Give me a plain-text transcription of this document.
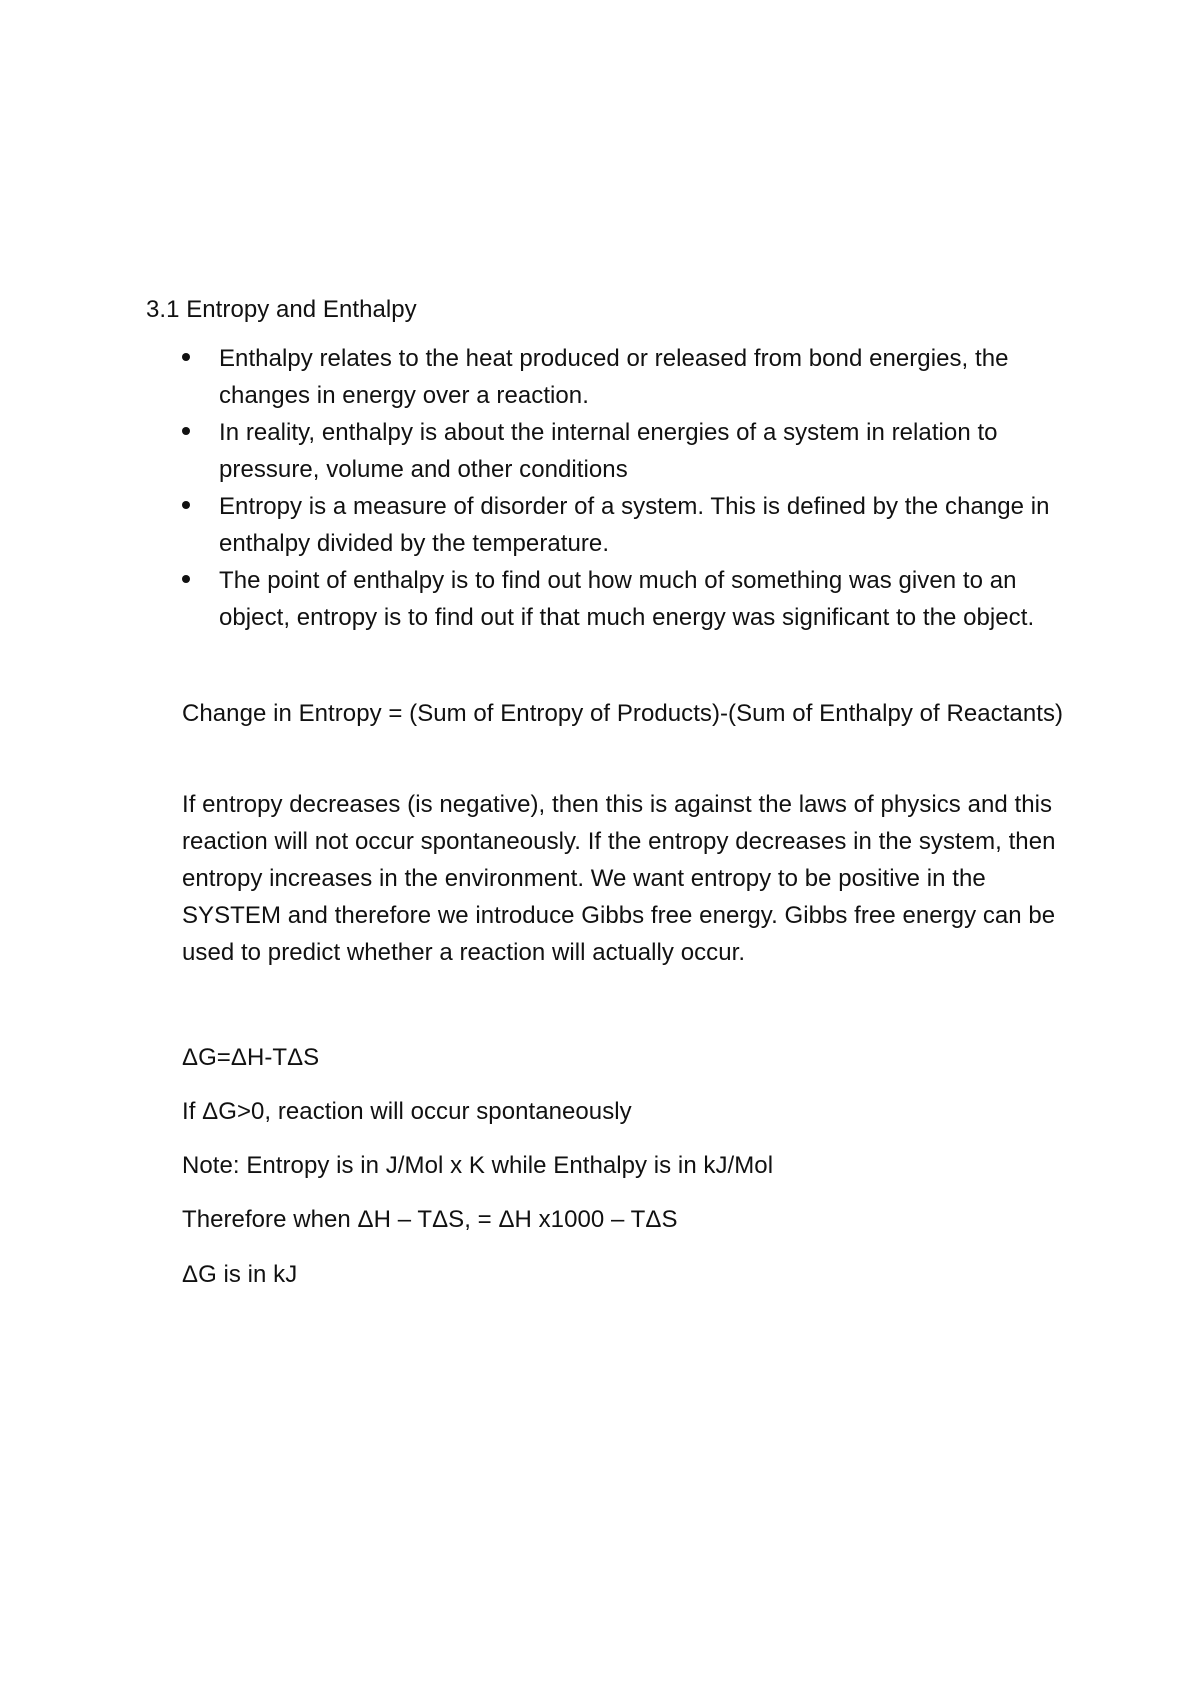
3.1 Entropy and Enthalpy

Enthalpy relates to the heat produced or released from bond energies, the changes in energy over a reaction.
In reality, enthalpy is about the internal energies of a system in relation to pressure, volume and other conditions
Entropy is a measure of disorder of a system. This is defined by the change in enthalpy divided by the temperature.
The point of enthalpy is to find out how much of something was given to an object, entropy is to find out if that much energy was significant to the object.

Change in Entropy = (Sum of Entropy of Products)-(Sum of Enthalpy of Reactants)

If entropy decreases (is negative), then this is against the laws of physics and this reaction will not occur spontaneously. If the entropy decreases in the system, then entropy increases in the environment. We want entropy to be positive in the SYSTEM and therefore we introduce Gibbs free energy. Gibbs free energy can be used to predict whether a reaction will actually occur.

ΔG=ΔH-TΔS

If ΔG>0, reaction will occur spontaneously

Note: Entropy is in J/Mol x K while Enthalpy is in kJ/Mol

Therefore when ΔH – TΔS, = ΔH x1000 – TΔS

ΔG is in kJ
